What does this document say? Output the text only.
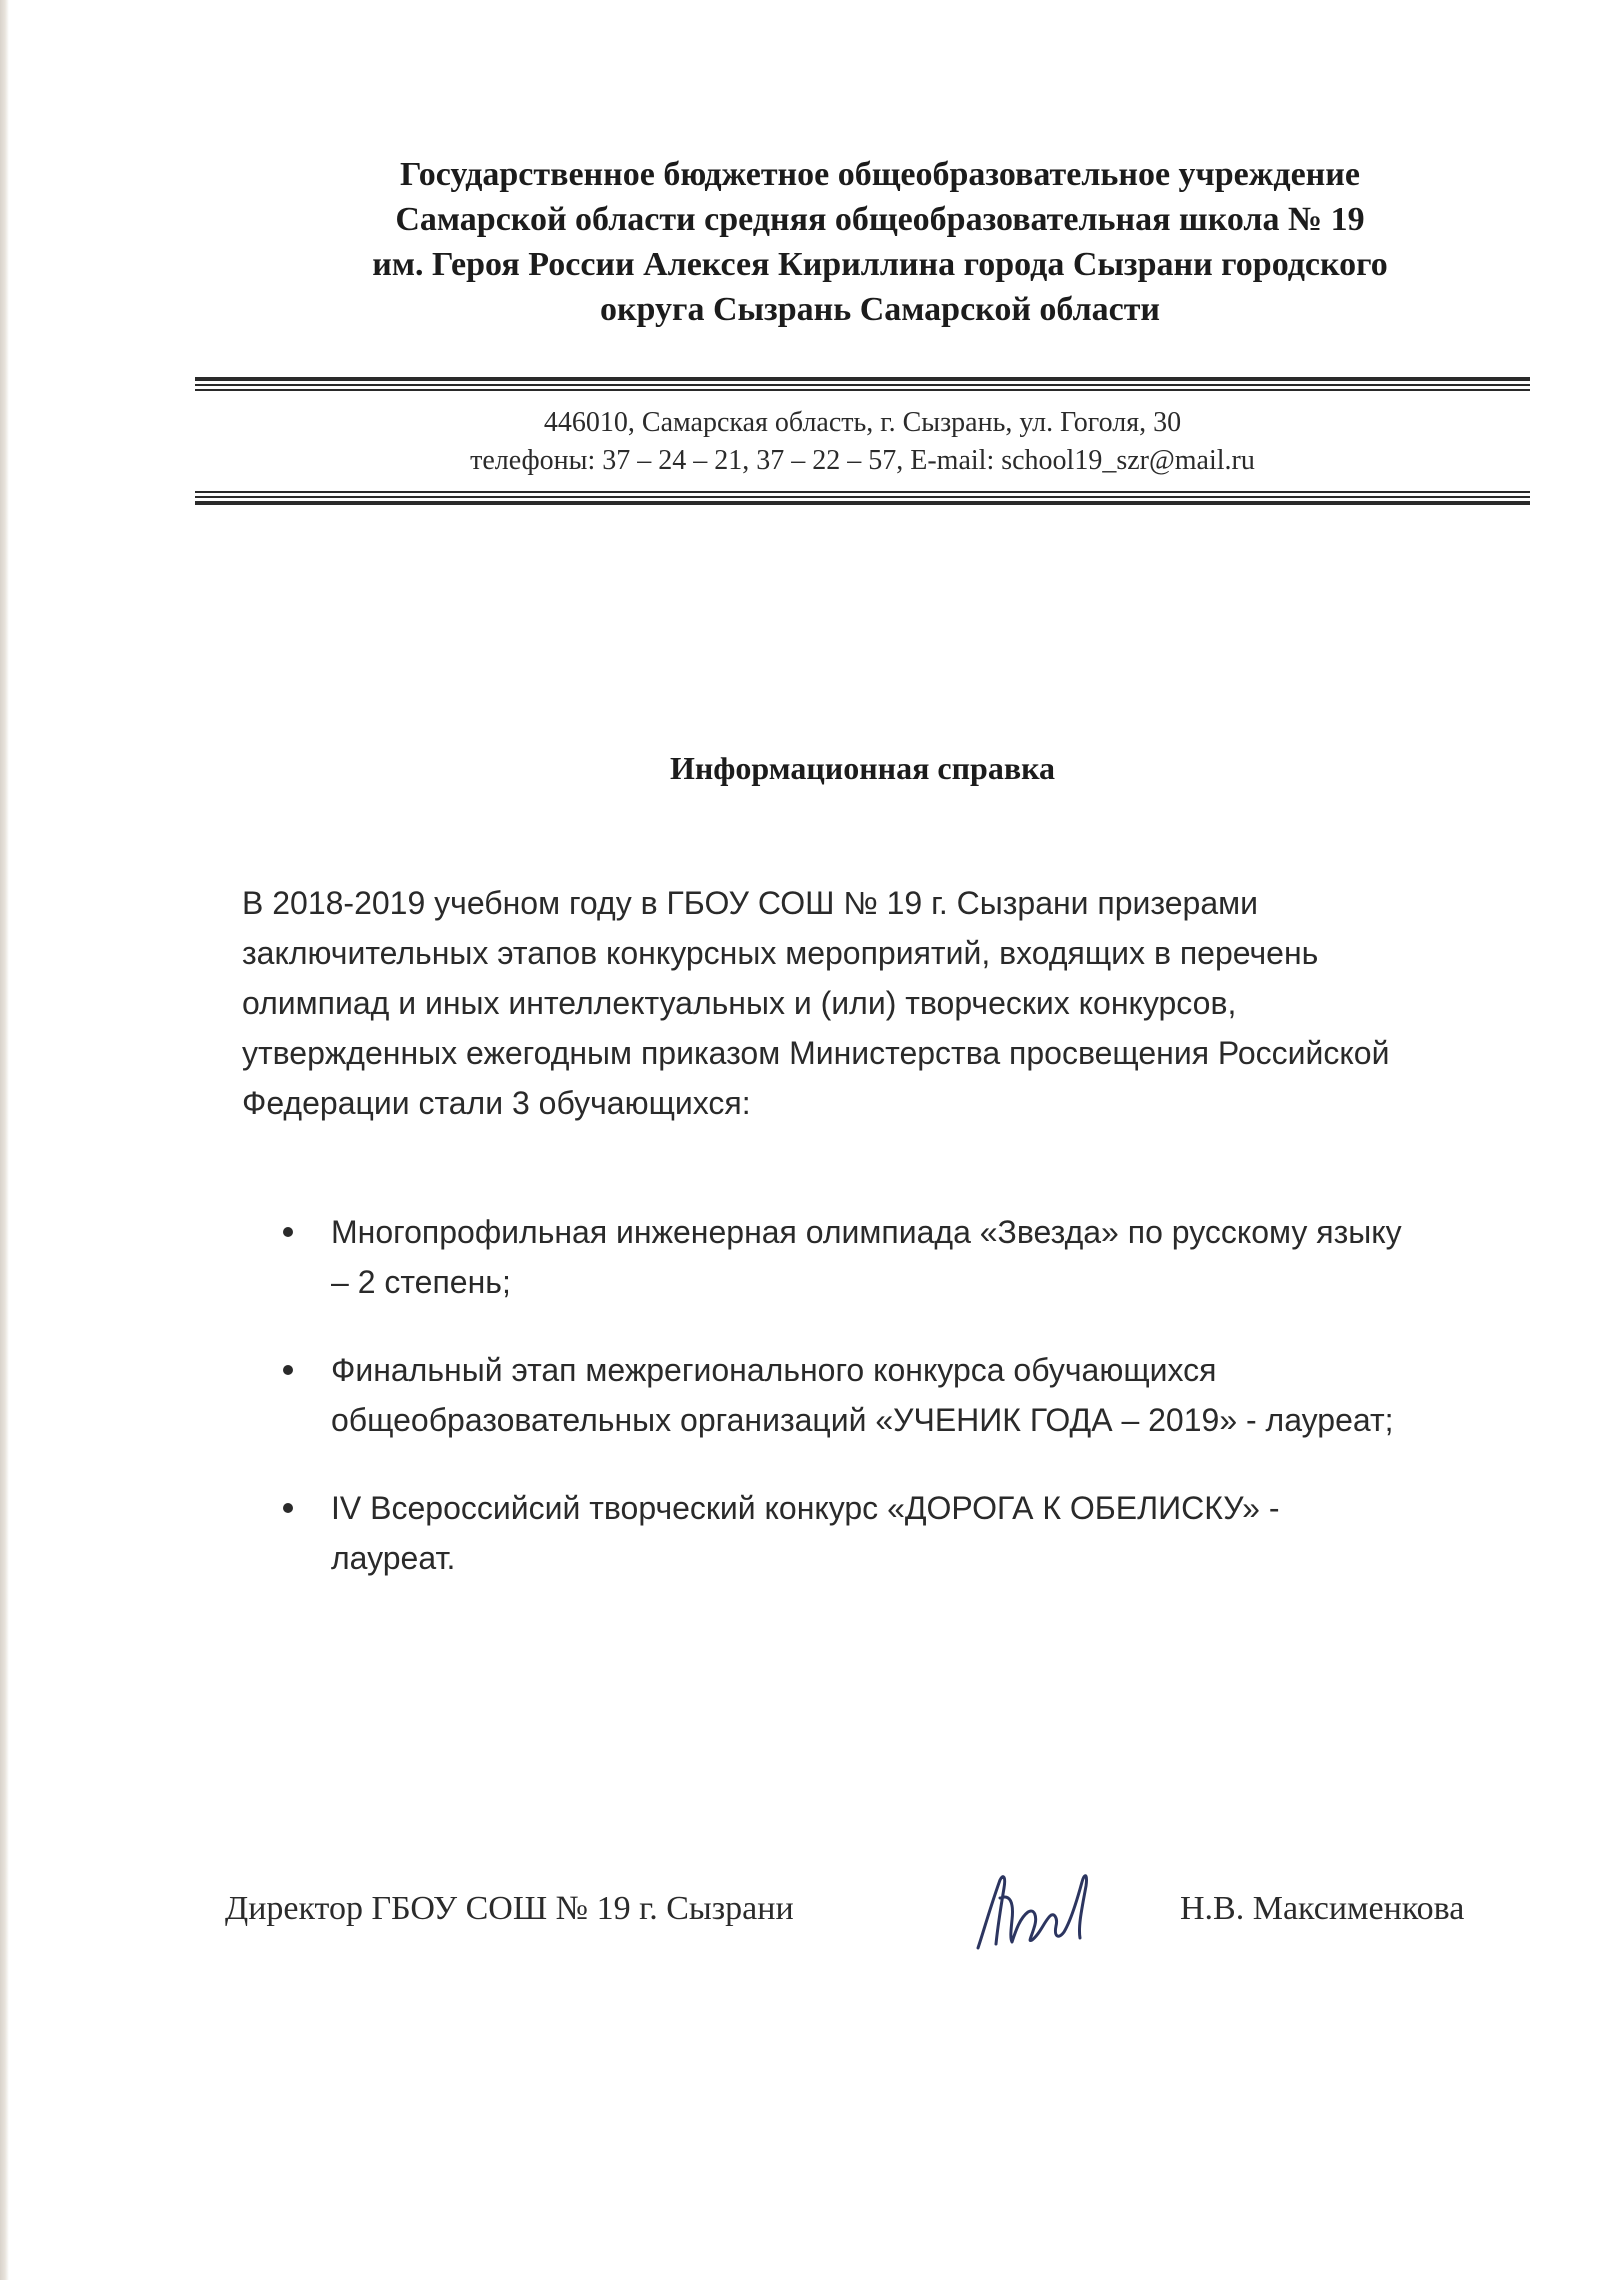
Государственное бюджетное общеобразовательное учреждение
Самарской области средняя общеобразовательная школа № 19
им. Героя России Алексея Кириллина города Сызрани городского
округа Сызрань Самарской области
446010, Самарская область, г. Сызрань, ул. Гоголя, 30
телефоны: 37 – 24 – 21, 37 – 22 – 57, E-mail: school19_szr@mail.ru
Информационная справка
В 2018-2019 учебном году в ГБОУ СОШ № 19 г. Сызрани призерами
заключительных этапов конкурсных мероприятий, входящих в перечень
олимпиад и иных интеллектуальных и (или) творческих конкурсов,
утвержденных ежегодным приказом Министерства просвещения Российской
Федерации стали 3 обучающихся:
Многопрофильная инженерная олимпиада «Звезда» по русскому языку
– 2 степень;
Финальный этап межрегионального конкурса обучающихся
общеобразовательных организаций «УЧЕНИК ГОДА – 2019» - лауреат;
IV Всероссийсий творческий конкурс «ДОРОГА К ОБЕЛИСКУ» -
лауреат.
Директор ГБОУ СОШ № 19 г. Сызрани	Н.В. Максименкова
